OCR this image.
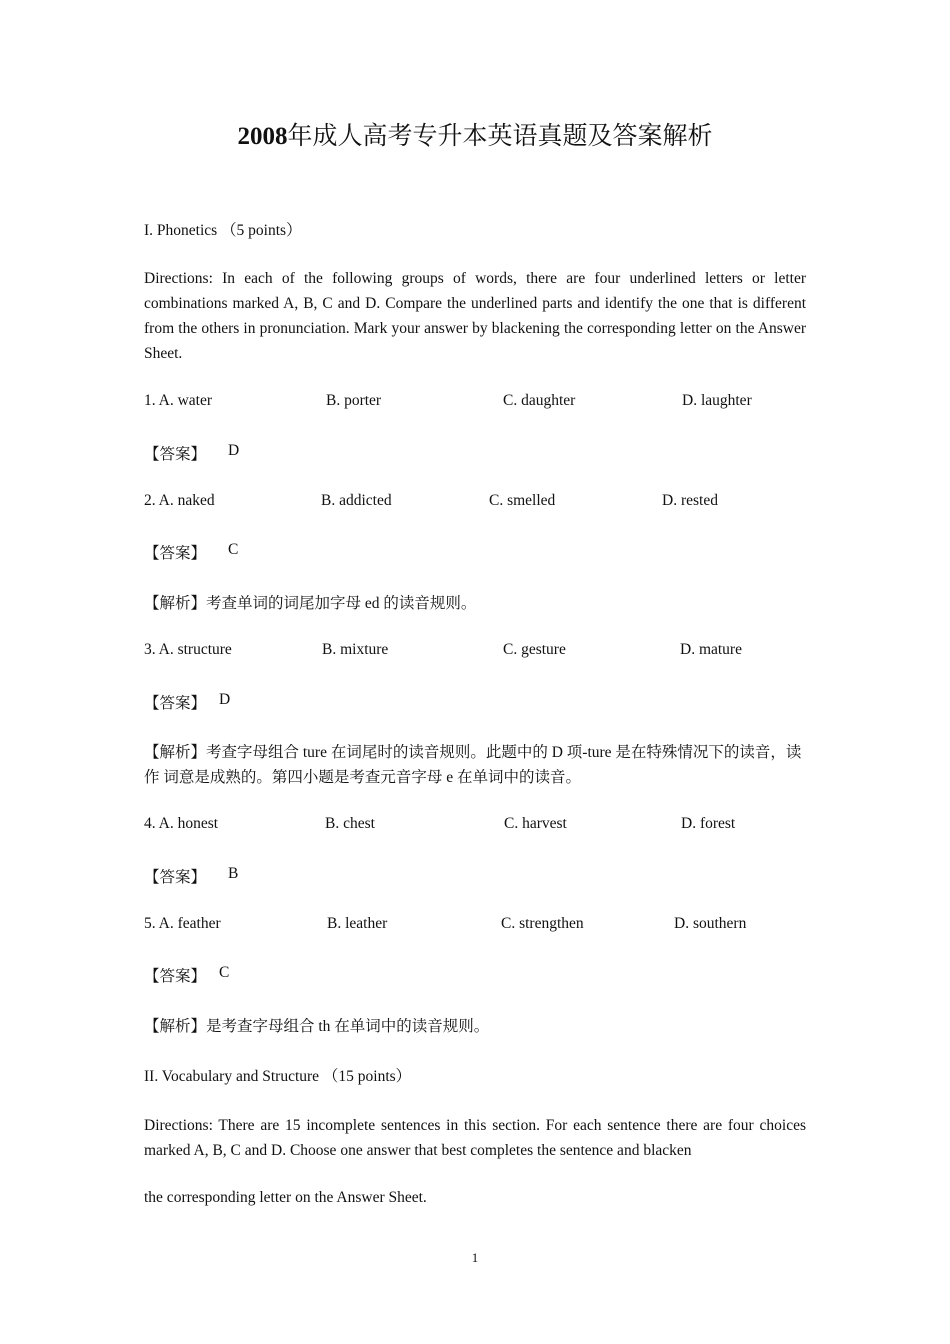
2008年成人高考专升本英语真题及答案解析
I. Phonetics （5 points）
Directions: In each of the following groups of words, there are four underlined letters or letter combinations marked A, B, C and D. Compare the underlined parts and identify the one that is different from the others in pronunciation. Mark your answer by blackening the corresponding letter on the Answer Sheet.
1. A. water	B. porter	C. daughter	D. laughter
【答案】 D
2. A. naked	B. addicted	C. smelled	D. rested
【答案】 C
【解析】考查单词的词尾加字母 ed 的读音规则。
3. A. structure	B. mixture	C. gesture	D. mature
【答案】 D
【解析】考查字母组合 ture 在词尾时的读音规则。此题中的 D 项-ture 是在特殊情况下的读音，读作 词意是成熟的。第四小题是考查元音字母 e 在单词中的读音。
4. A. honest	B. chest	C. harvest	D. forest
【答案】 B
5. A. feather	B. leather	C. strengthen	D. southern
【答案】 C
【解析】是考查字母组合 th 在单词中的读音规则。
II. Vocabulary and Structure （15 points）
Directions: There are 15 incomplete sentences in this section. For each sentence there are four choices marked A, B, C and D. Choose one answer that best completes the sentence and blacken
the corresponding letter on the Answer Sheet.
1
